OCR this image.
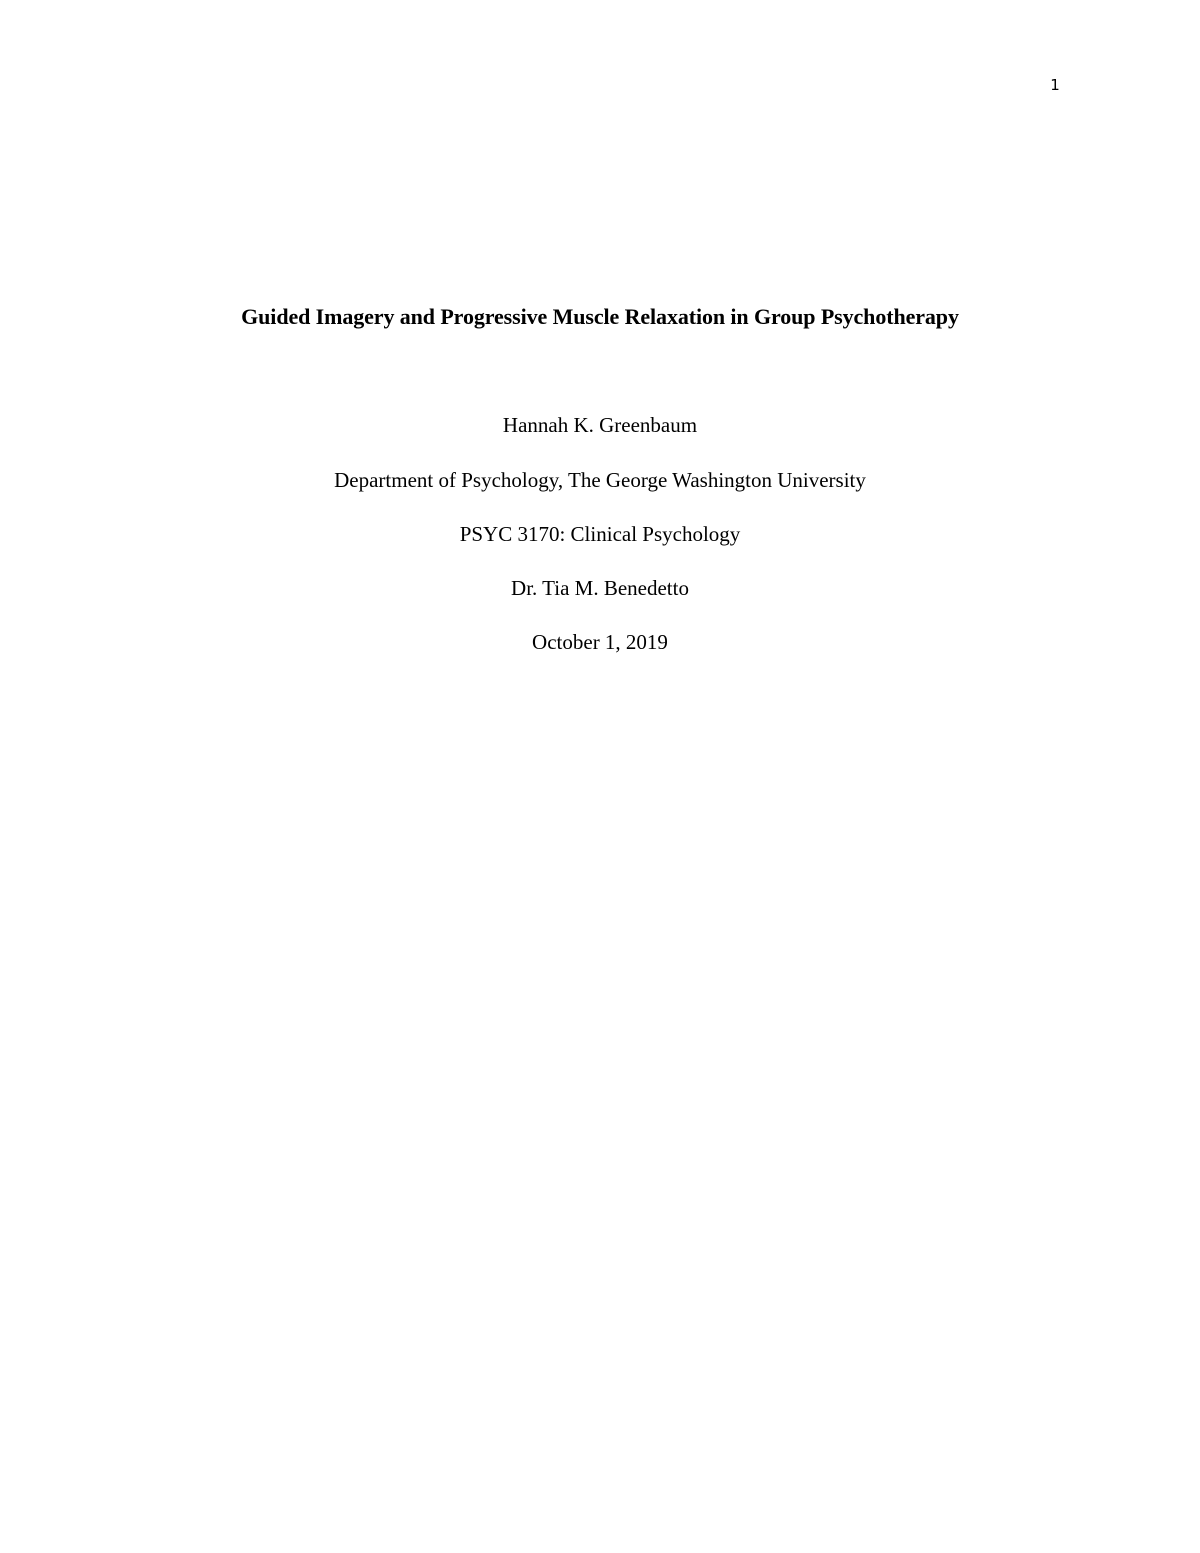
1
Guided Imagery and Progressive Muscle Relaxation in Group Psychotherapy
Hannah K. Greenbaum
Department of Psychology, The George Washington University
PSYC 3170: Clinical Psychology
Dr. Tia M. Benedetto
October 1, 2019
